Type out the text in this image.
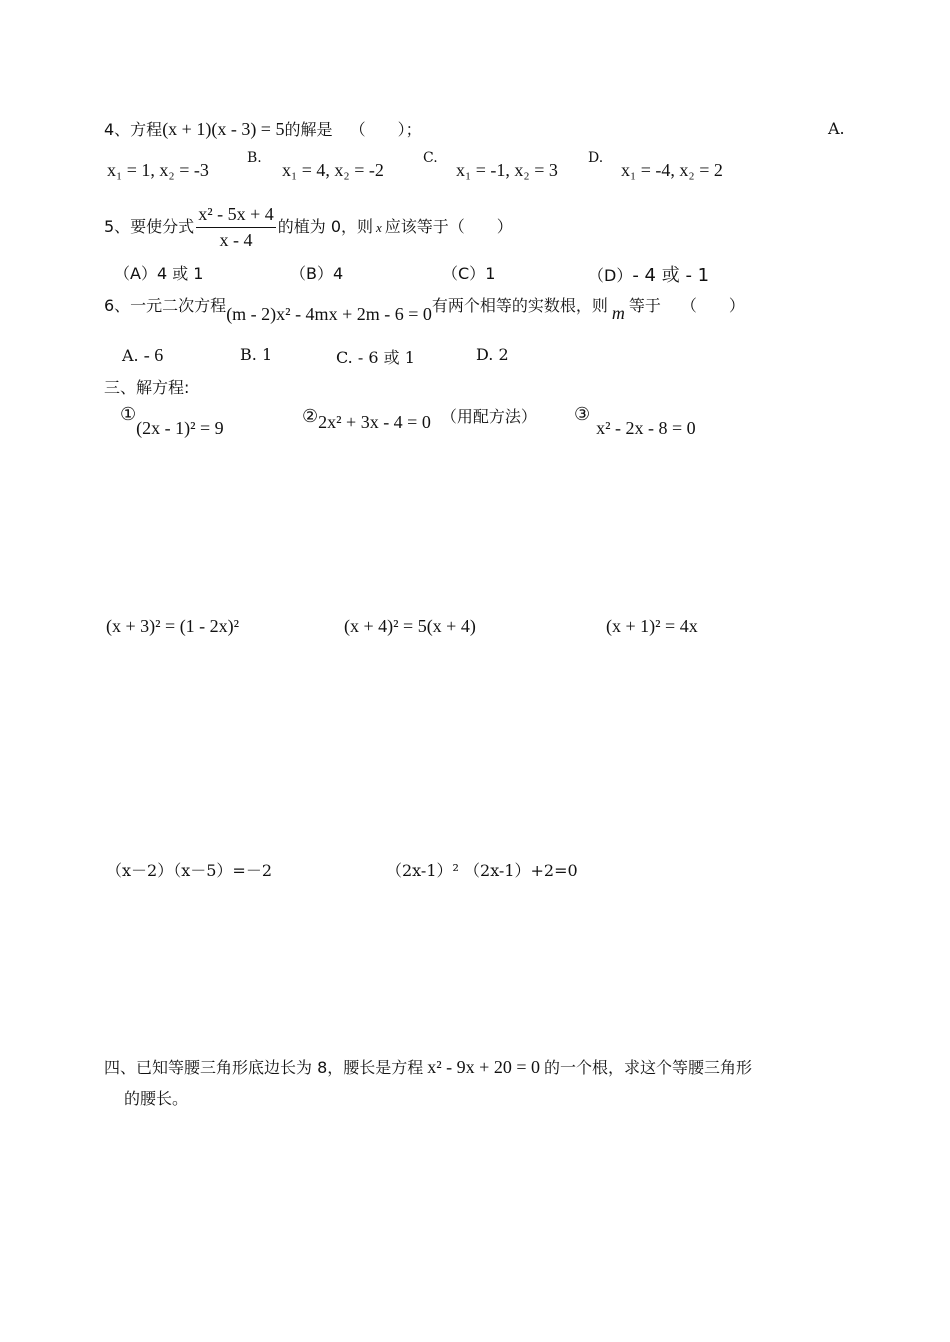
4、方程(x + 1)(x - 3) = 5的解是 （　　）；	A.
x₁ = 1, x₂ = -3
B.
x₁ = 4, x₂ = -2
C.
x₁ = -1, x₂ = 3
D.
x₁ = -4, x₂ = 2
5、要使分式 $\frac{\text{x² - 5x + 4}}{x - 4}$ 的植为 0，则 x 应该等于（　　）
（A）4 或 1	（B）4	（C）1	（D）- 4 或 - 1
6、一元二次方程(m - 2)x² - 4mx + 2m - 6 = 0有两个相等的实数根，则 m 等于 （　　）
A. - 6	B. 1	C. - 6 或 1	D. 2
三、解方程:
①(2x - 1)² = 9
②2x² + 3x - 4 = 0 （用配方法） ③x² - 2x - 8 = 0
(x + 3)² = (1 - 2x)²	(x + 4)² = 5(x + 4)	(x + 1)² = 4x
（x－2）（x－5）=－2	（2x-1）² （2x-1）+2=0
四、已知等腰三角形底边长为 8，腰长是方程 x² - 9x + 20 = 0 的一个根，求这个等腰三角形
的腰长。
